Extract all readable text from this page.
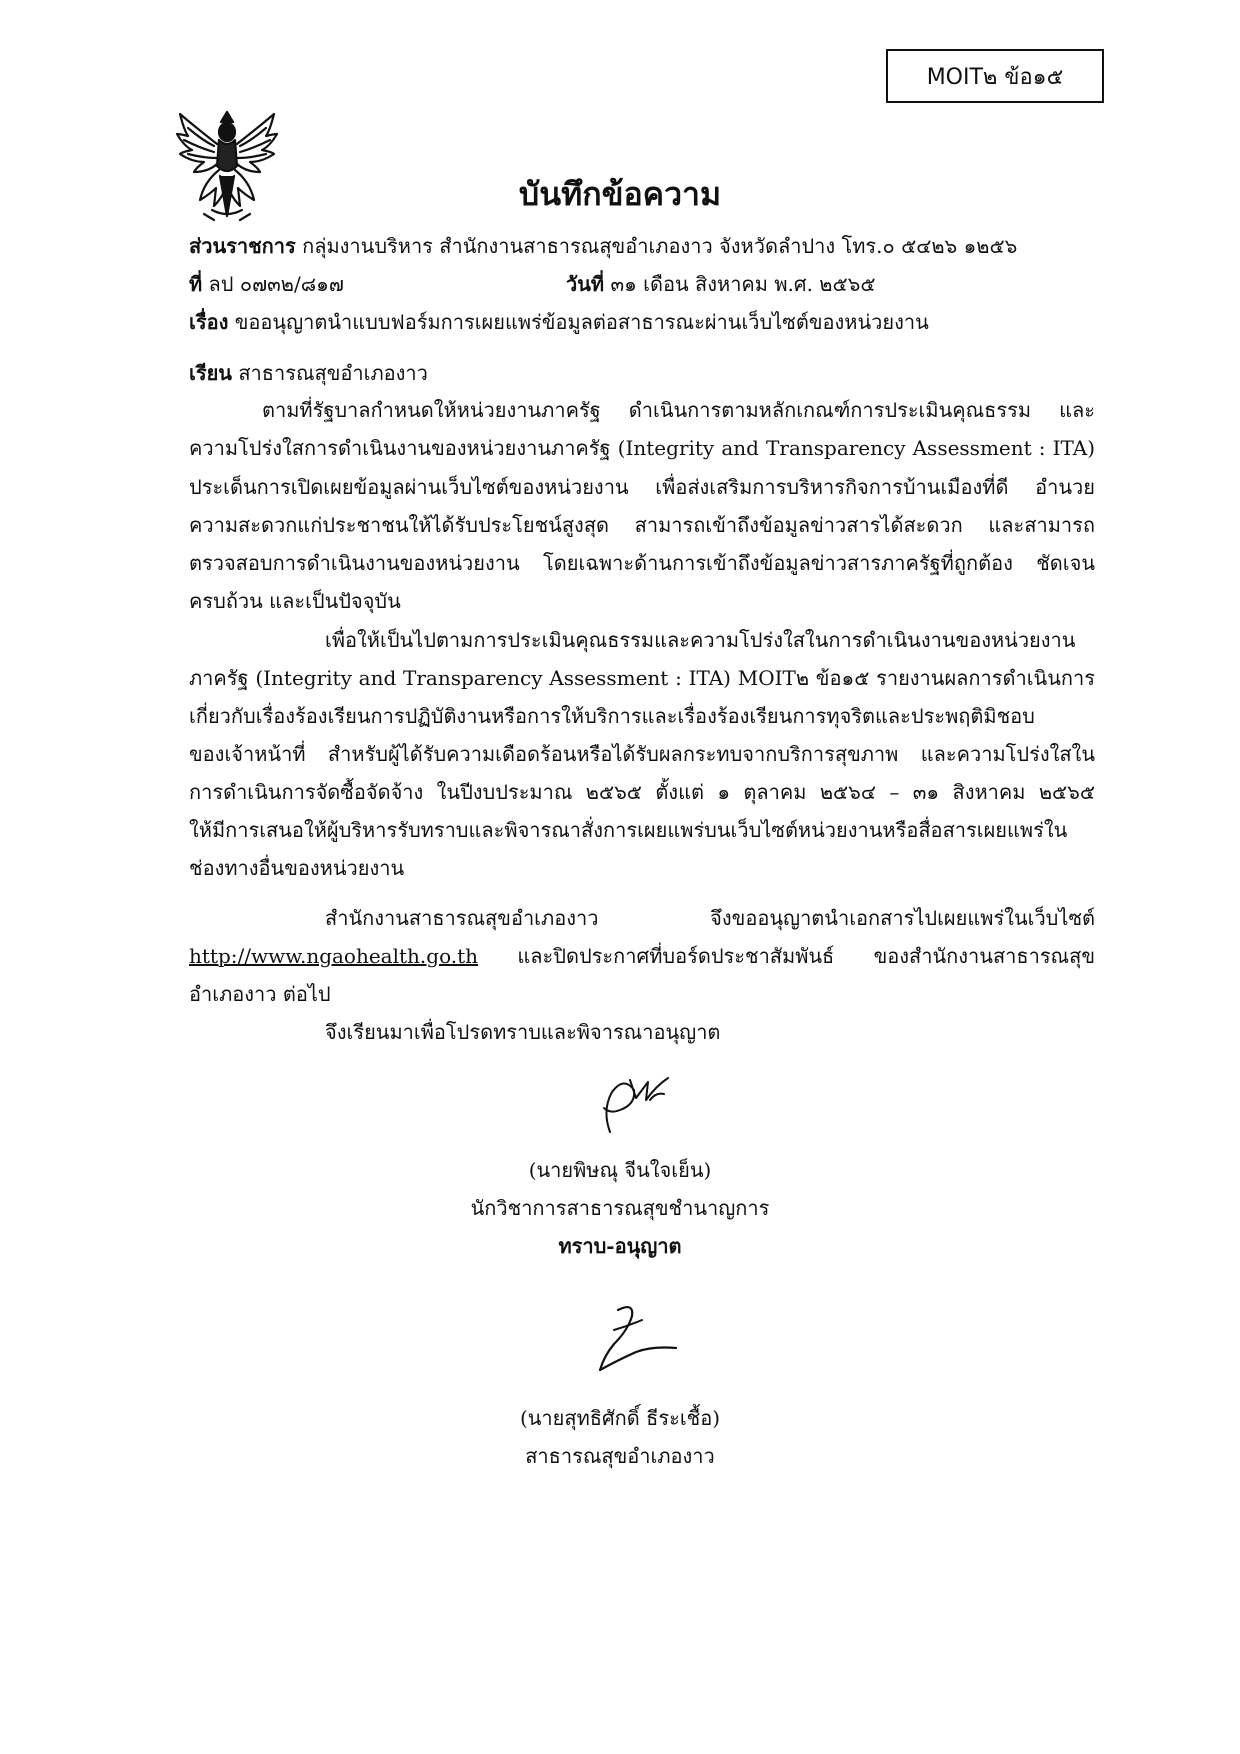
MOIT๒ ข้อ๑๕
บันทึกข้อความ
ส่วนราชการ กลุ่มงานบริหาร สำนักงานสาธารณสุขอำเภองาว จังหวัดลำปาง โทร.๐ ๕๔๒๖ ๑๒๕๖
ที่ ลป ๐๗๓๒/๘๑๗	วันที่ ๓๑ เดือน สิงหาคม พ.ศ. ๒๕๖๕
เรื่อง ขออนุญาตนำแบบฟอร์มการเผยแพร่ข้อมูลต่อสาธารณะผ่านเว็บไซต์ของหน่วยงาน
เรียน สาธารณสุขอำเภองาว
ตามที่รัฐบาลกำหนดให้หน่วยงานภาครัฐ ดำเนินการตามหลักเกณฑ์การประเมินคุณธรรม และ
ความโปร่งใสการดำเนินงานของหน่วยงานภาครัฐ (Integrity and Transparency Assessment : ITA)
ประเด็นการเปิดเผยข้อมูลผ่านเว็บไซต์ของหน่วยงาน เพื่อส่งเสริมการบริหารกิจการบ้านเมืองที่ดี อำนวย
ความสะดวกแก่ประชาชนให้ได้รับประโยชน์สูงสุด สามารถเข้าถึงข้อมูลข่าวสารได้สะดวก และสามารถ
ตรวจสอบการดำเนินงานของหน่วยงาน โดยเฉพาะด้านการเข้าถึงข้อมูลข่าวสารภาครัฐที่ถูกต้อง ชัดเจน
ครบถ้วน และเป็นปัจจุบัน
เพื่อให้เป็นไปตามการประเมินคุณธรรมและความโปร่งใสในการดำเนินงานของหน่วยงาน
ภาครัฐ (Integrity and Transparency Assessment : ITA) MOIT๒ ข้อ๑๕ รายงานผลการดำเนินการ
เกี่ยวกับเรื่องร้องเรียนการปฏิบัติงานหรือการให้บริการและเรื่องร้องเรียนการทุจริตและประพฤติมิชอบ
ของเจ้าหน้าที่ สำหรับผู้ได้รับความเดือดร้อนหรือได้รับผลกระทบจากบริการสุขภาพ และความโปร่งใสใน
การดำเนินการจัดซื้อจัดจ้าง ในปีงบประมาณ ๒๕๖๕ ตั้งแต่ ๑ ตุลาคม ๒๕๖๔ – ๓๑ สิงหาคม ๒๕๖๕
ให้มีการเสนอให้ผู้บริหารรับทราบและพิจารณาสั่งการเผยแพร่บนเว็บไซต์หน่วยงานหรือสื่อสารเผยแพร่ใน
ช่องทางอื่นของหน่วยงาน
สำนักงานสาธารณสุขอำเภองาว จึงขออนุญาตนำเอกสารไปเผยแพร่ในเว็บไซต์
http://www.ngaohealth.go.th และปิดประกาศที่บอร์ดประชาสัมพันธ์ ของสำนักงานสาธารณสุข
อำเภองาว ต่อไป
จึงเรียนมาเพื่อโปรดทราบและพิจารณาอนุญาต
(นายพิษณุ จีนใจเย็น)
นักวิชาการสาธารณสุขชำนาญการ
ทราบ-อนุญาต
(นายสุทธิศักดิ์ ธีระเชื้อ)
สาธารณสุขอำเภองาว
